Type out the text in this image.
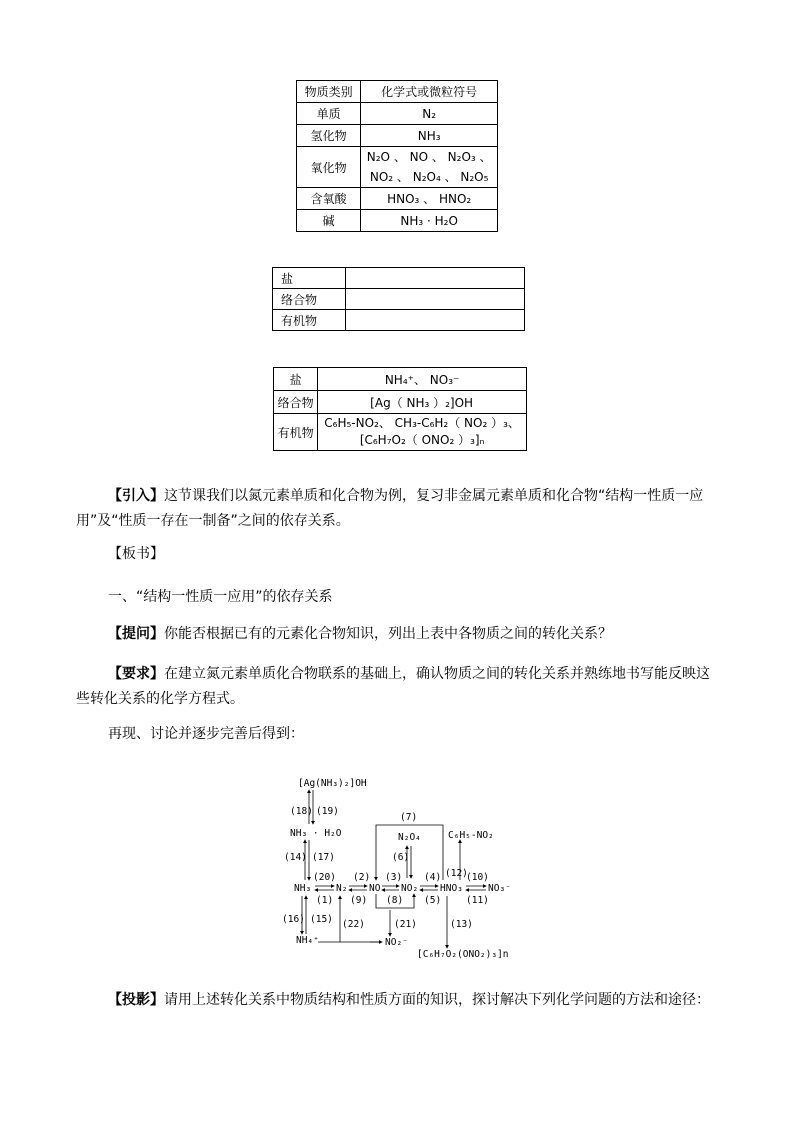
物质类别	化学式或微粒符号
单质	N₂
氢化物	NH₃
氧化物	N₂O 、 NO 、 N₂O₃ 、
NO₂ 、 N₂O₄ 、 N₂O₅

含氧酸	HNO₃ 、 HNO₂
碱	NH₃ · H₂O
盐	
络合物	
有机物	
盐	NH₄⁺、 NO₃⁻
络合物	[Ag（ NH₃ ）₂]OH
有机物	C₆H₅-NO₂、 CH₃-C₆H₂（ NO₂ ）₃、
[C₆H₇O₂（ ONO₂ ）₃]ₙ
【引入】这节课我们以氮元素单质和化合物为例，复习非金属元素单质和化合物“结构一性质一应用”及“性质一存在一制备”之间的依存关系。
【板书】
一、“结构一性质一应用”的依存关系
【提问】你能否根据已有的元素化合物知识，列出上表中各物质之间的转化关系？
【要求】在建立氮元素单质化合物联系的基础上，确认物质之间的转化关系并熟练地书写能反映这些转化关系的化学方程式。
再现、讨论并逐步完善后得到：
[Ag(NH₃)₂]OH
(18) (19)
(7)
NH₃ · H₂O	N₂O₄	C₆H₅-NO₂
(14) (17)	(6)
(12)
(20) (2) (3) (4)	(10)
NH₃	N₂ NO NO₂ HNO₃	NO₃⁻
(1) (9) (8) (5)	(11)
(16) (15) (22)	(21)	(13)
NH₄⁺	NO₂⁻
[C₆H₇O₂(ONO₂)₃]n
【投影】请用上述转化关系中物质结构和性质方面的知识，探讨解决下列化学问题的方法和途径：
